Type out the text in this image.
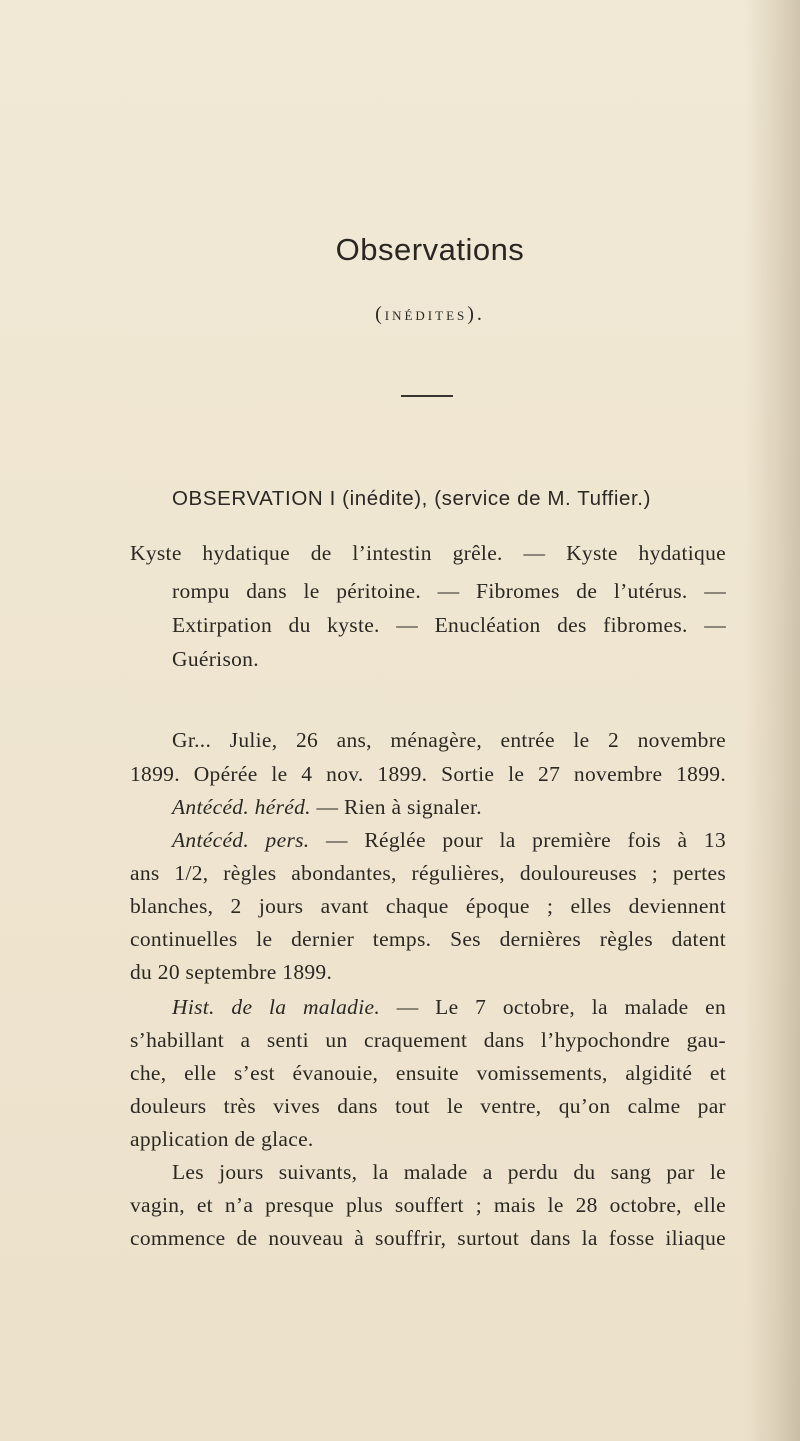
Observations
(inédites).
OBSERVATION I (inédite), (service de M. Tuffier.)
Kyste hydatique de l’intestin grêle. — Kyste hydatique
rompu dans le péritoine. — Fibromes de l’utérus. —
Extirpation du kyste. — Enucléation des fibromes. —
Guérison.
Gr... Julie, 26 ans, ménagère, entrée le 2 novembre
1899. Opérée le 4 nov. 1899. Sortie le 27 novembre 1899.
Antécéd. héréd. — Rien à signaler.
Antécéd. pers. — Réglée pour la première fois à 13
ans 1/2, règles abondantes, régulières, douloureuses ; pertes
blanches, 2 jours avant chaque époque ; elles deviennent
continuelles le dernier temps. Ses dernières règles datent
du 20 septembre 1899.
Hist. de la maladie. — Le 7 octobre, la malade en
s’habillant a senti un craquement dans l’hypochondre gau-
che, elle s’est évanouie, ensuite vomissements, algidité et
douleurs très vives dans tout le ventre, qu’on calme par
application de glace.
Les jours suivants, la malade a perdu du sang par le
vagin, et n’a presque plus souffert ; mais le 28 octobre, elle
commence de nouveau à souffrir, surtout dans la fosse iliaque
